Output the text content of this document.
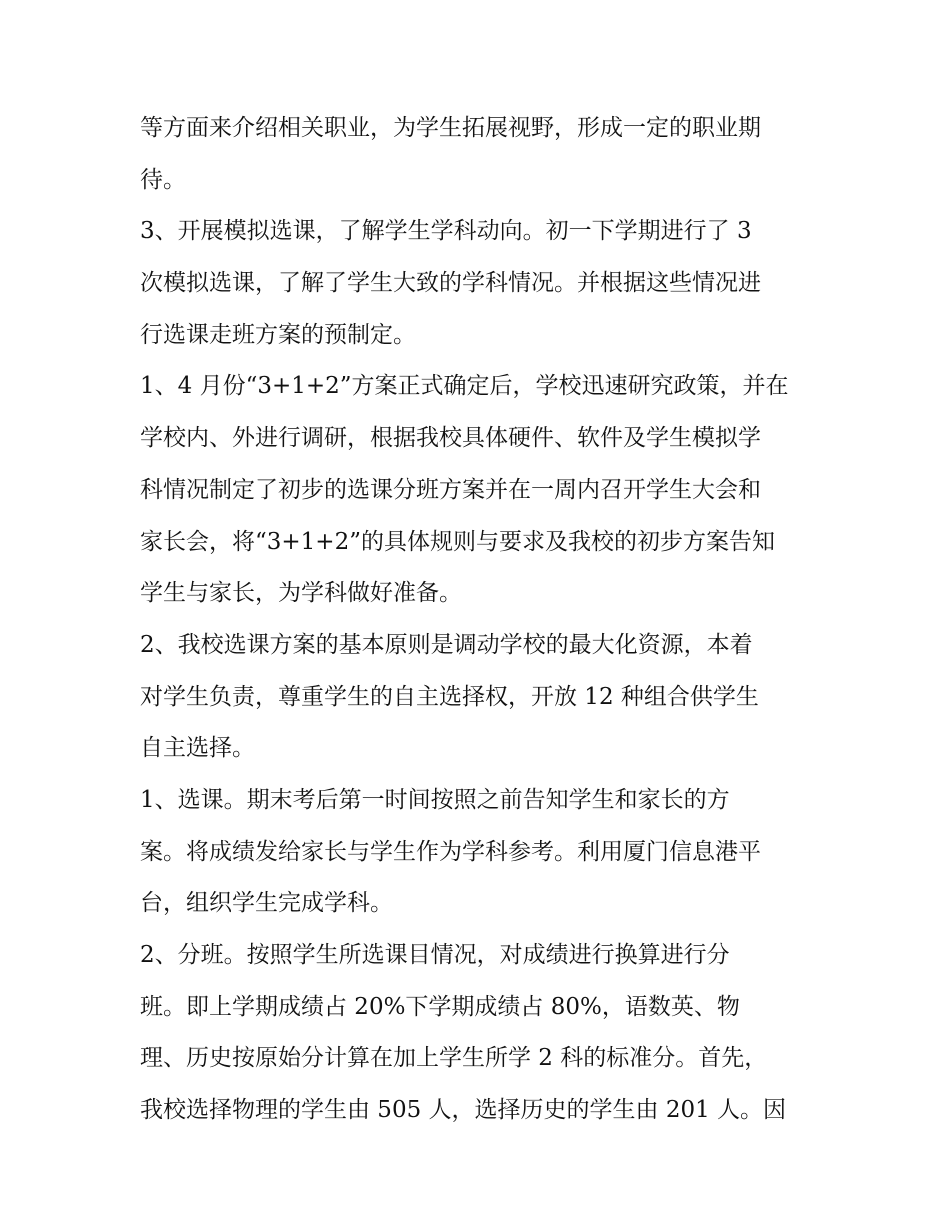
等方面来介绍相关职业，为学生拓展视野，形成一定的职业期
待。
3、开展模拟选课，了解学生学科动向。初一下学期进行了 3
次模拟选课，了解了学生大致的学科情况。并根据这些情况进
行选课走班方案的预制定。
1、4 月份“3+1+2”方案正式确定后，学校迅速研究政策，并在
学校内、外进行调研，根据我校具体硬件、软件及学生模拟学
科情况制定了初步的选课分班方案并在一周内召开学生大会和
家长会，将“3+1+2”的具体规则与要求及我校的初步方案告知
学生与家长，为学科做好准备。
2、我校选课方案的基本原则是调动学校的最大化资源，本着
对学生负责，尊重学生的自主选择权，开放 12 种组合供学生
自主选择。
1、选课。期末考后第一时间按照之前告知学生和家长的方
案。将成绩发给家长与学生作为学科参考。利用厦门信息港平
台，组织学生完成学科。
2、分班。按照学生所选课目情况，对成绩进行换算进行分
班。即上学期成绩占 20%下学期成绩占 80%，语数英、物
理、历史按原始分计算在加上学生所学 2 科的标准分。首先，
我校选择物理的学生由 505 人，选择历史的学生由 201 人。因
